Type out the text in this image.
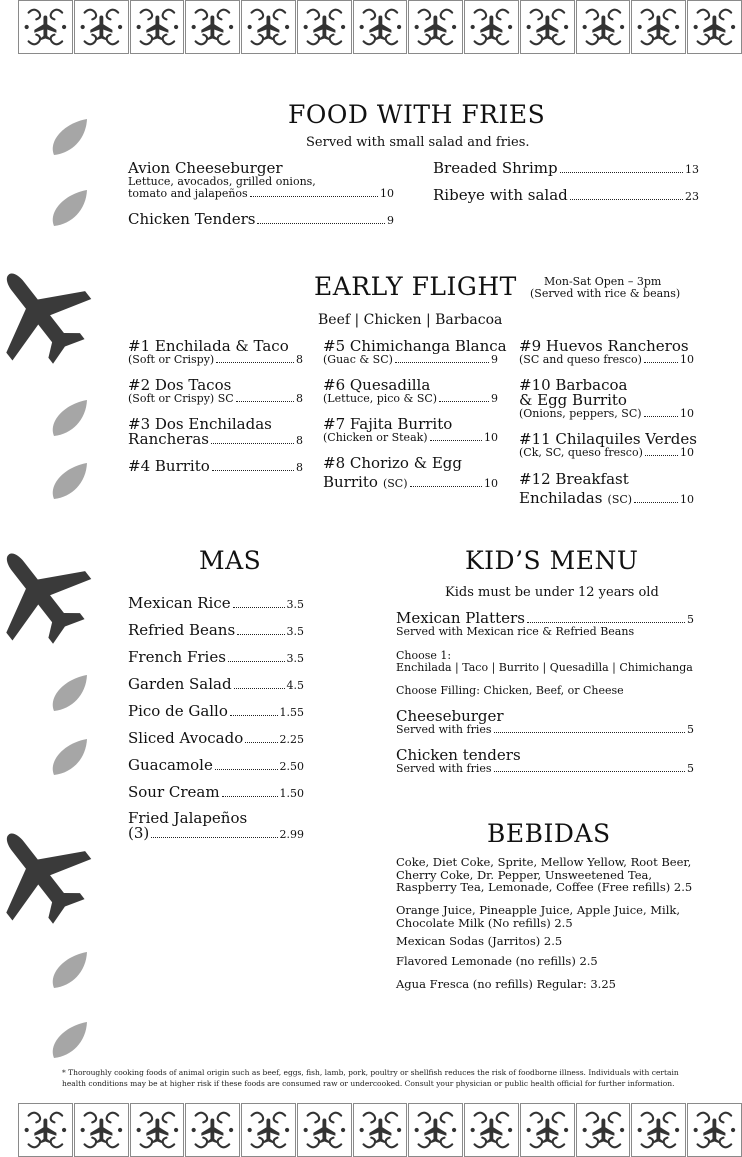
FOOD WITH FRIES
Served with small salad and fries.
Avion Cheeseburger
Lettuce, avocados, grilled onions,
tomato and jalapeños	10
Chicken Tenders	9
Breaded Shrimp	13
Ribeye with salad	23
EARLY FLIGHT Mon-Sat Open – 3pm
(Served with rice & beans)
Beef | Chicken | Barbacoa
#1 Enchilada & Taco
(Soft or Crispy)	8
#2 Dos Tacos
(Soft or Crispy) SC	8
#3 Dos Enchiladas
Rancheras	8
#4 Burrito	8
#5 Chimichanga Blanca
(Guac & SC)	9
#6 Quesadilla
(Lettuce, pico & SC)	9
#7 Fajita Burrito
(Chicken or Steak)	10
#8 Chorizo & Egg
Burrito
(SC)	10
#9 Huevos Rancheros
(SC and queso fresco)	10
#10 Barbacoa
& Egg Burrito
(Onions, peppers, SC)	10
#11 Chilaquiles Verdes
(Ck, SC, queso fresco)	10
#12 Breakfast
Enchiladas
(SC)	10
MAS
Mexican Rice	3.5
Refried Beans	3.5
French Fries	3.5
Garden Salad	4.5
Pico de Gallo	1.55
Sliced Avocado	2.25
Guacamole	2.50
Sour Cream	1.50
Fried Jalapeños
(3)	2.99
KID’S MENU
Kids must be under 12 years old
Mexican Platters	5
Served with Mexican rice & Refried Beans
Choose 1:
Enchilada | Taco | Burrito | Quesadilla | Chimichanga
Choose Filling: Chicken, Beef, or Cheese
Cheeseburger
Served with fries	5
Chicken tenders
Served with fries	5
BEBIDAS
Coke, Diet Coke, Sprite, Mellow Yellow, Root Beer, Cherry Coke, Dr. Pepper, Unsweetened Tea, Raspberry Tea, Lemonade, Coffee (Free refills) 2.5
Orange Juice, Pineapple Juice, Apple Juice, Milk, Chocolate Milk (No refills) 2.5
Mexican Sodas (Jarritos) 2.5
Flavored Lemonade (no refills) 2.5
Agua Fresca (no refills) Regular: 3.25
* Thoroughly cooking foods of animal origin such as beef, eggs, fish, lamb, pork, poultry or shellfish reduces the risk of foodborne illness. Individuals with certain health conditions may be at higher risk if these foods are consumed raw or undercooked. Consult your physician or public health official for further information.
